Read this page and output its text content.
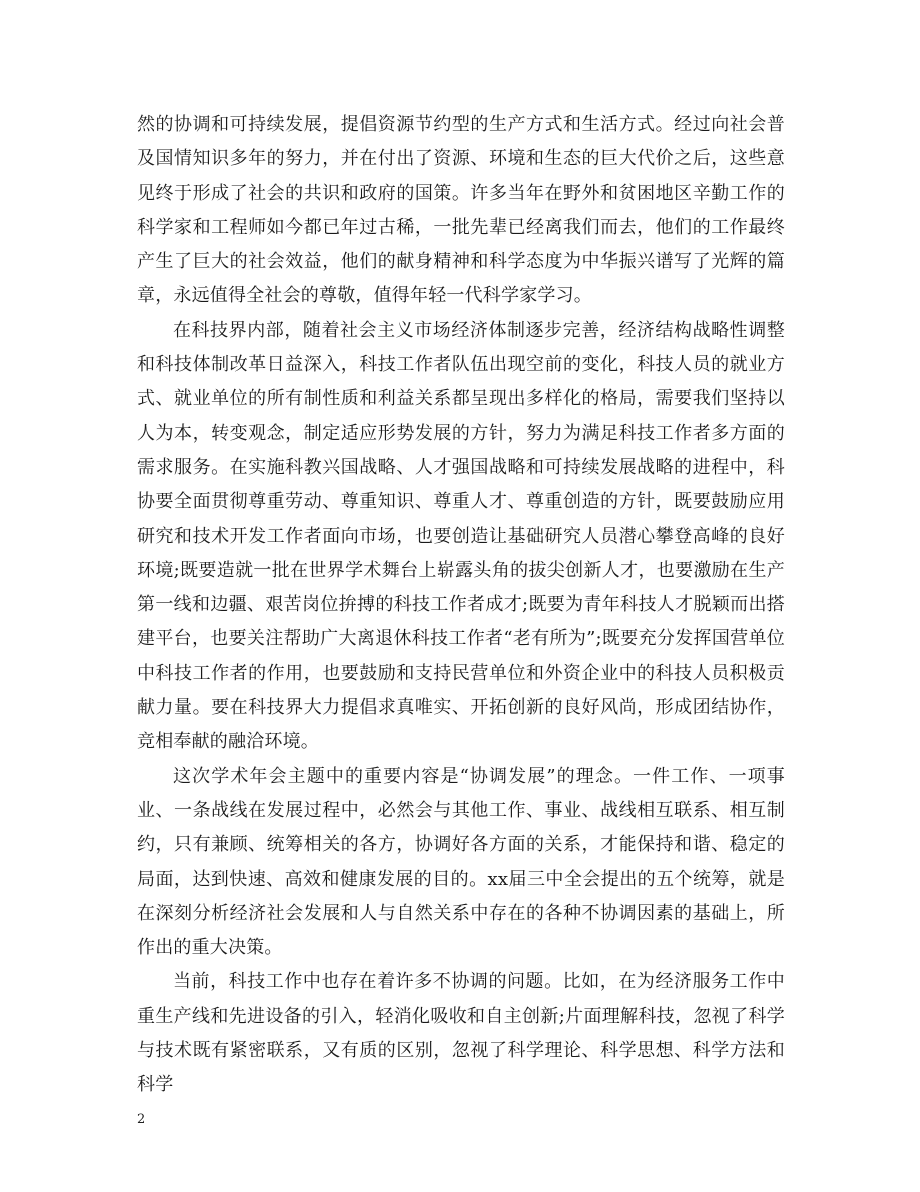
然的协调和可持续发展，提倡资源节约型的生产方式和生活方式。经过向社会普及国情知识多年的努力，并在付出了资源、环境和生态的巨大代价之后，这些意见终于形成了社会的共识和政府的国策。许多当年在野外和贫困地区辛勤工作的科学家和工程师如今都已年过古稀，一批先辈已经离我们而去，他们的工作最终产生了巨大的社会效益，他们的献身精神和科学态度为中华振兴谱写了光辉的篇章，永远值得全社会的尊敬，值得年轻一代科学家学习。

在科技界内部，随着社会主义市场经济体制逐步完善，经济结构战略性调整和科技体制改革日益深入，科技工作者队伍出现空前的变化，科技人员的就业方式、就业单位的所有制性质和利益关系都呈现出多样化的格局，需要我们坚持以人为本，转变观念，制定适应形势发展的方针，努力为满足科技工作者多方面的需求服务。在实施科教兴国战略、人才强国战略和可持续发展战略的进程中，科协要全面贯彻尊重劳动、尊重知识、尊重人才、尊重创造的方针，既要鼓励应用研究和技术开发工作者面向市场，也要创造让基础研究人员潜心攀登高峰的良好环境;既要造就一批在世界学术舞台上崭露头角的拔尖创新人才，也要激励在生产第一线和边疆、艰苦岗位拚搏的科技工作者成才;既要为青年科技人才脱颖而出搭建平台，也要关注帮助广大离退休科技工作者“老有所为”;既要充分发挥国营单位中科技工作者的作用，也要鼓励和支持民营单位和外资企业中的科技人员积极贡献力量。要在科技界大力提倡求真唯实、开拓创新的良好风尚，形成团结协作，竞相奉献的融洽环境。

这次学术年会主题中的重要内容是“协调发展”的理念。一件工作、一项事业、一条战线在发展过程中，必然会与其他工作、事业、战线相互联系、相互制约，只有兼顾、统筹相关的各方，协调好各方面的关系，才能保持和谐、稳定的局面，达到快速、高效和健康发展的目的。xx届三中全会提出的五个统筹，就是在深刻分析经济社会发展和人与自然关系中存在的各种不协调因素的基础上，所作出的重大决策。

当前，科技工作中也存在着许多不协调的问题。比如，在为经济服务工作中重生产线和先进设备的引入，轻消化吸收和自主创新;片面理解科技，忽视了科学与技术既有紧密联系，又有质的区别，忽视了科学理论、科学思想、科学方法和科学

2
